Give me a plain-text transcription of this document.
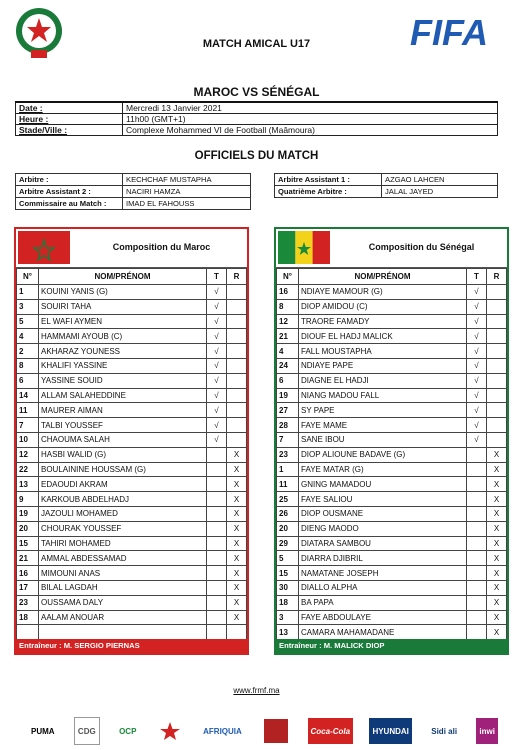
FIFA
MATCH AMICAL U17
MAROC VS SÉNÉGAL
Date :	Mercredi 13 Janvier 2021
Heure :	11h00 (GMT+1)
Stade/Ville :	Complexe Mohammed VI de Football (Maâmoura)
OFFICIELS DU MATCH
Arbitre :	KECHCHAF MUSTAPHA
Arbitre Assistant 2 :	NACIRI HAMZA
Commissaire au Match :	IMAD EL FAHOUSS
Arbitre Assistant 1 :	AZGAO LAHCEN
Quatrième Arbitre :	JALAL JAYED
Composition du Maroc
N°	NOM/PRÉNOM	T	R
1	KOUINI YANIS (G)	√	
3	SOUIRI TAHA	√	
5	EL WAFI AYMEN	√	
4	HAMMAMI AYOUB (C)	√	
2	AKHARAZ YOUNESS	√	
8	KHALIFI YASSINE	√	
6	YASSINE SOUID	√	
14	ALLAM SALAHEDDINE	√	
11	MAURER AIMAN	√	
7	TALBI YOUSSEF	√	
10	CHAOUMA SALAH	√	
12	HASBI WALID (G)		X
22	BOULAININE HOUSSAM (G)		X
13	EDAOUDI AKRAM		X
9	KARKOUB ABDELHADJ		X
19	JAZOULI MOHAMED		X
20	CHOURAK YOUSSEF		X
15	TAHIRI MOHAMED		X
21	AMMAL ABDESSAMAD		X
16	MIMOUNI ANAS		X
17	BILAL LAGDAH		X
23	OUSSAMA DALY		X
18	AALAM ANOUAR		X

Entraîneur : M. SERGIO PIERNAS
Composition du Sénégal
N°	NOM/PRÉNOM	T	R
16	NDIAYE MAMOUR (G)	√	
8	DIOP AMIDOU (C)	√	
12	TRAORE FAMADY	√	
21	DIOUF EL HADJ MALICK	√	
4	FALL MOUSTAPHA	√	
24	NDIAYE PAPE	√	
6	DIAGNE EL HADJI	√	
19	NIANG MADOU FALL	√	
27	SY PAPE	√	
28	FAYE MAME	√	
7	SANE IBOU	√	
23	DIOP ALIOUNE BADAVE (G)		X
1	FAYE MATAR (G)		X
11	GNING MAMADOU		X
25	FAYE SALIOU		X
26	DIOP OUSMANE		X
20	DIENG MAODO		X
29	DIATARA SAMBOU		X
5	DIARRA DJIBRIL		X
15	NAMATANE JOSEPH		X
30	DIALLO ALPHA		X
18	BA PAPA		X
3	FAYE ABDOULAYE		X
13	CAMARA MAHAMADANE		X
Entraîneur : M. MALICK DIOP
www.frmf.ma
PUMA	CDG	OCP	AFRIQUIA	Coca-Cola	HYUNDAI	Sidi ali	inwi
